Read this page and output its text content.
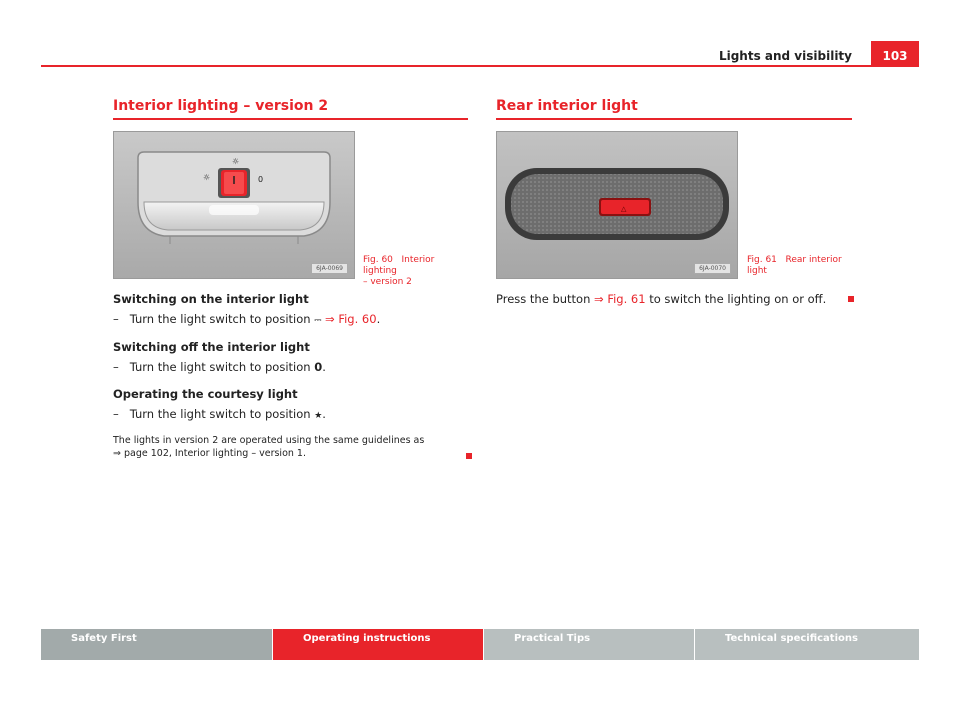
Lights and visibility	103
Interior lighting – version 2
☼
☼	0
6JA-0069
Fig. 60 Interior lighting
– version 2
Switching on the interior light
–   Turn the light switch to position ⎓ ⇒ Fig. 60.
Switching off the interior light
–   Turn the light switch to position 0.
Operating the courtesy light
–   Turn the light switch to position ★.
The lights in version 2 are operated using the same guidelines as
⇒ page 102, Interior lighting – version 1.
Rear interior light
△
6JA-0070
Fig. 61 Rear interior
light
Press the button ⇒ Fig. 61 to switch the lighting on or off.
Safety First	Operating instructions	Practical Tips	Technical specifications
